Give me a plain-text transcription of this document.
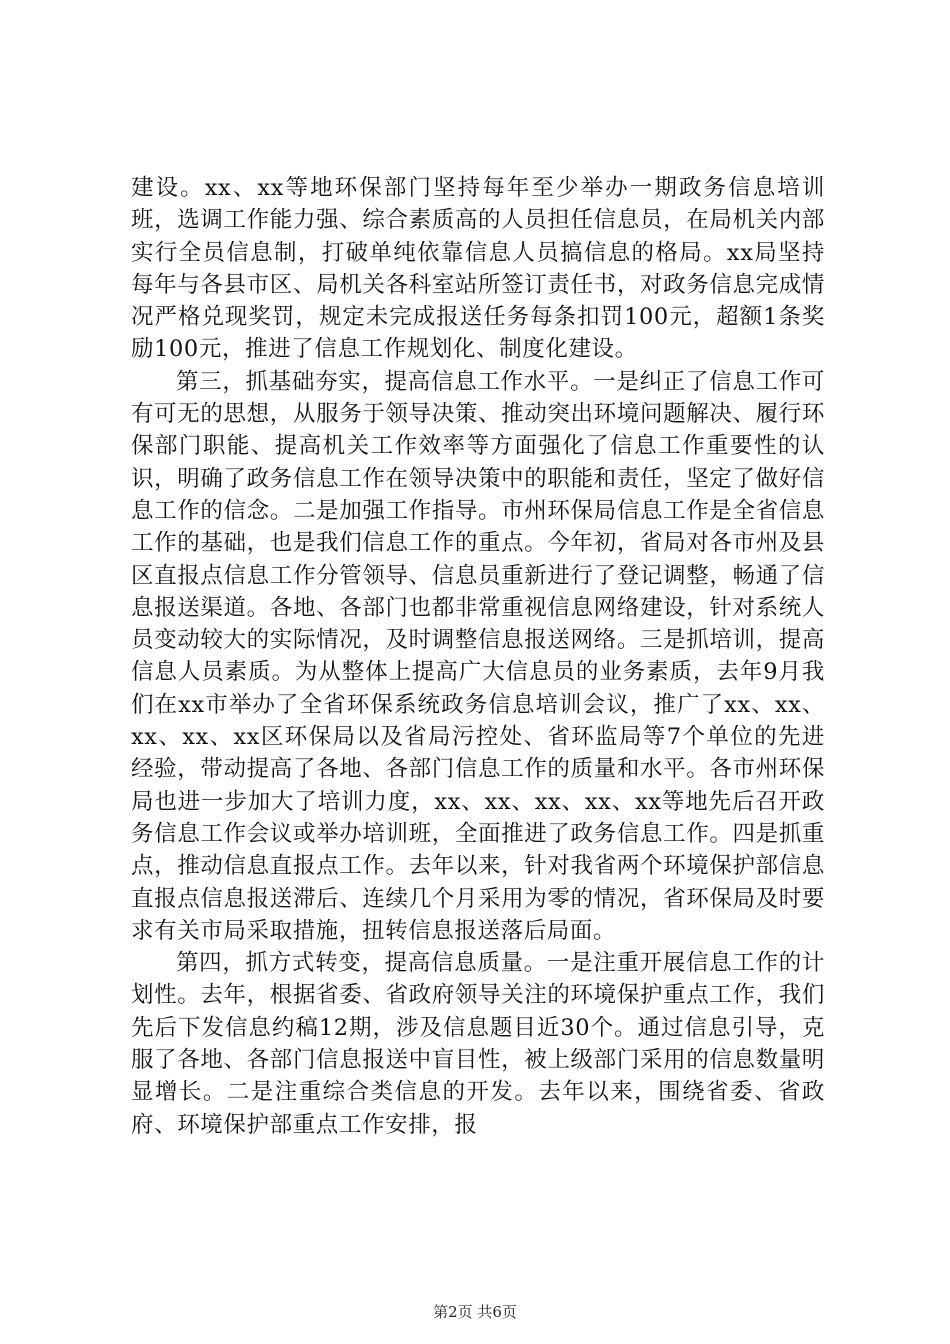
建设。xx、xx等地环保部门坚持每年至少举办一期政务信息培训班，选调工作能力强、综合素质高的人员担任信息员，在局机关内部实行全员信息制，打破单纯依靠信息人员搞信息的格局。xx局坚持每年与各县市区、局机关各科室站所签订责任书，对政务信息完成情况严格兑现奖罚，规定未完成报送任务每条扣罚100元，超额1条奖励100元，推进了信息工作规划化、制度化建设。

第三，抓基础夯实，提高信息工作水平。一是纠正了信息工作可有可无的思想，从服务于领导决策、推动突出环境问题解决、履行环保部门职能、提高机关工作效率等方面强化了信息工作重要性的认识，明确了政务信息工作在领导决策中的职能和责任，坚定了做好信息工作的信念。二是加强工作指导。市州环保局信息工作是全省信息工作的基础，也是我们信息工作的重点。今年初，省局对各市州及县区直报点信息工作分管领导、信息员重新进行了登记调整，畅通了信息报送渠道。各地、各部门也都非常重视信息网络建设，针对系统人员变动较大的实际情况，及时调整信息报送网络。三是抓培训，提高信息人员素质。为从整体上提高广大信息员的业务素质，去年9月我们在xx市举办了全省环保系统政务信息培训会议，推广了xx、xx、xx、xx、xx区环保局以及省局污控处、省环监局等7个单位的先进经验，带动提高了各地、各部门信息工作的质量和水平。各市州环保局也进一步加大了培训力度，xx、xx、xx、xx、xx等地先后召开政务信息工作会议或举办培训班，全面推进了政务信息工作。四是抓重点，推动信息直报点工作。去年以来，针对我省两个环境保护部信息直报点信息报送滞后、连续几个月采用为零的情况，省环保局及时要求有关市局采取措施，扭转信息报送落后局面。

第四，抓方式转变，提高信息质量。一是注重开展信息工作的计划性。去年，根据省委、省政府领导关注的环境保护重点工作，我们先后下发信息约稿12期，涉及信息题目近30个。通过信息引导，克服了各地、各部门信息报送中盲目性，被上级部门采用的信息数量明显增长。二是注重综合类信息的开发。去年以来，围绕省委、省政府、环境保护部重点工作安排，报

第2页 共6页
